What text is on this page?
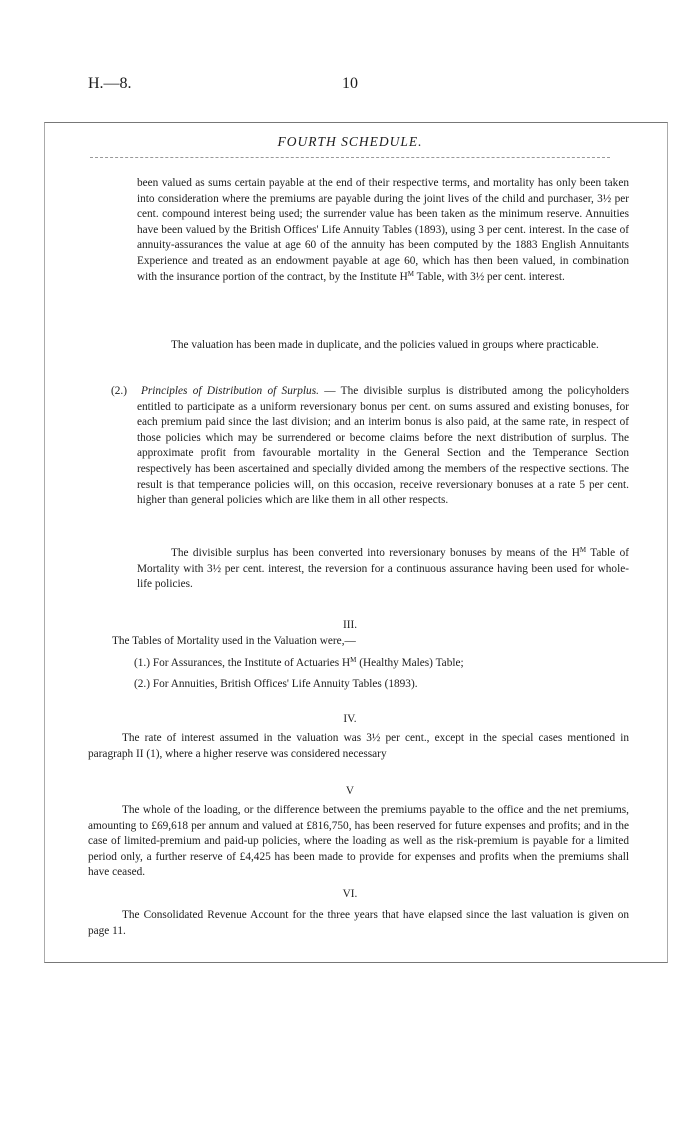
H.—8.	10
FOURTH SCHEDULE.

been valued as sums certain payable at the end of their respective terms, and mortality has only been taken into consideration where the premiums are payable during the joint lives of the child and purchaser, 3½ per cent. compound interest being used; the surrender value has been taken as the minimum reserve. Annuities have been valued by the British Offices' Life Annuity Tables (1893), using 3 per cent. interest. In the case of annuity-assurances the value at age 60 of the annuity has been computed by the 1883 English Annuitants Experience and treated as an endowment payable at age 60, which has then been valued, in combination with the insurance portion of the contract, by the Institute $H^M$ Table, with 3½ per cent. interest.

The valuation has been made in duplicate, and the policies valued in groups where practicable.

(2.)	Principles of Distribution of Surplus. — The divisible surplus is distributed among the policyholders entitled to participate as a uniform reversionary bonus per cent. on sums assured and existing bonuses, for each premium paid since the last division; and an interim bonus is also paid, at the same rate, in respect of those policies which may be surrendered or become claims before the next distribution of surplus. The approximate profit from favourable mortality in the General Section and the Temperance Section respectively has been ascertained and specially divided among the members of the respective sections. The result is that temperance policies will, on this occasion, receive reversionary bonuses at a rate 5 per cent. higher than general policies which are like them in all other respects.

The divisible surplus has been converted into reversionary bonuses by means of the $H^M$ Table of Mortality with 3½ per cent. interest, the reversion for a continuous assurance having been used for whole-life policies.

III.
The Tables of Mortality used in the Valuation were,—
(1.) For Assurances, the Institute of Actuaries $H^M$ (Healthy Males) Table;
(2.) For Annuities, British Offices' Life Annuity Tables (1893).
IV.

The rate of interest assumed in the valuation was 3½ per cent., except in the special cases mentioned in paragraph II (1), where a higher reserve was considered necessary

V

The whole of the loading, or the difference between the premiums payable to the office and the net premiums, amounting to £69,618 per annum and valued at £816,750, has been reserved for future expenses and profits; and in the case of limited-premium and paid-up policies, where the loading as well as the risk-premium is payable for a limited period only, a further reserve of £4,425 has been made to provide for expenses and profits when the premiums shall have ceased.

VI.

The Consolidated Revenue Account for the three years that have elapsed since the last valuation is given on page 11.
